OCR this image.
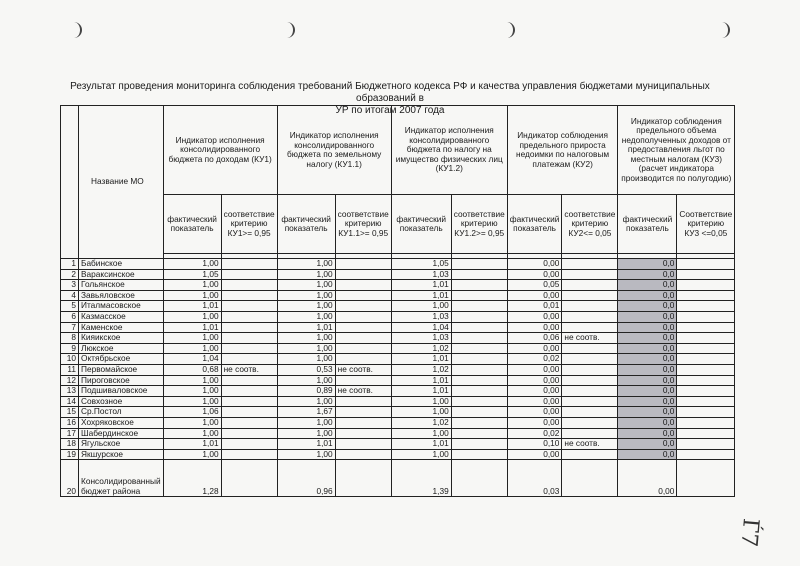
Результат проведения мониторинга соблюдения требований Бюджетного кодекса РФ и качества управления бюджетами муниципальных образований в
УР по итогам 2007 года
	Название МО	Индикатор исполнения консолидированного бюджета по доходам (КУ1)		Индикатор исполнения консолидированного бюджета по земельному налогу (КУ1.1)		Индикатор исполнения консолидированного бюджета по налогу на имущество физических лиц (КУ1.2)		Индикатор соблюдения предельного прироста недоимки по налоговым платежам (КУ2)		Индикатор соблюдения предельного объема недополученных доходов от предоставления льгот по местным налогам (КУ3) (расчет индикатора производится по полугодию)	
		фактический показатель	соответствие критерию КУ1>= 0,95	фактический показатель	соответствие критерию КУ1.1>= 0,95	фактический показатель	соответствие критерию КУ1.2>= 0,95	фактический показатель	соответствие критерию КУ2<= 0,05	фактический показатель	Соответствие критерию КУ3 <=0,05

1	Бабинское	1,00		1,00		1,05		0,00		0,0	
2	Вараксинское	1,05		1,00		1,03		0,00		0,0	
3	Гольянское	1,00		1,00		1,01		0,05		0,0	
4	Завьяловское	1,00		1,00		1,01		0,00		0,0	
5	Италмасовское	1,01		1,00		1,00		0,01		0,0	
6	Казмасское	1,00		1,00		1,03		0,00		0,0	
7	Каменское	1,01		1,01		1,04		0,00		0,0	
8	Кияикское	1,00		1,00		1,03		0,06	не соотв.	0,0	
9	Люкское	1,00		1,00		1,02		0,00		0,0	
10	Октябрьское	1,04		1,00		1,01		0,02		0,0	
11	Первомайское	0,68	не соотв.	0,53	не соотв.	1,02		0,00		0,0	
12	Пироговское	1,00		1,00		1,01		0,00		0,0	
13	Подшиваловское	1,00		0,89	не соотв.	1,01		0,00		0,0	
14	Совхозное	1,00		1,00		1,00		0,00		0,0	
15	Ср.Постол	1,06		1,67		1,00		0,00		0,0	
16	Хохряковское	1,00		1,00		1,02		0,00		0,0	
17	Шабердинское	1,00		1,00		1,00		0,02		0,0	
18	Ягульское	1,01		1,01		1,01		0,10	не соотв.	0,0	
19	Якшурское	1,00		1,00		1,00		0,00		0,0	
20	Консолидированный бюджет района	1,28		0,96		1,39		0,03		0,00	
Ѓ7
